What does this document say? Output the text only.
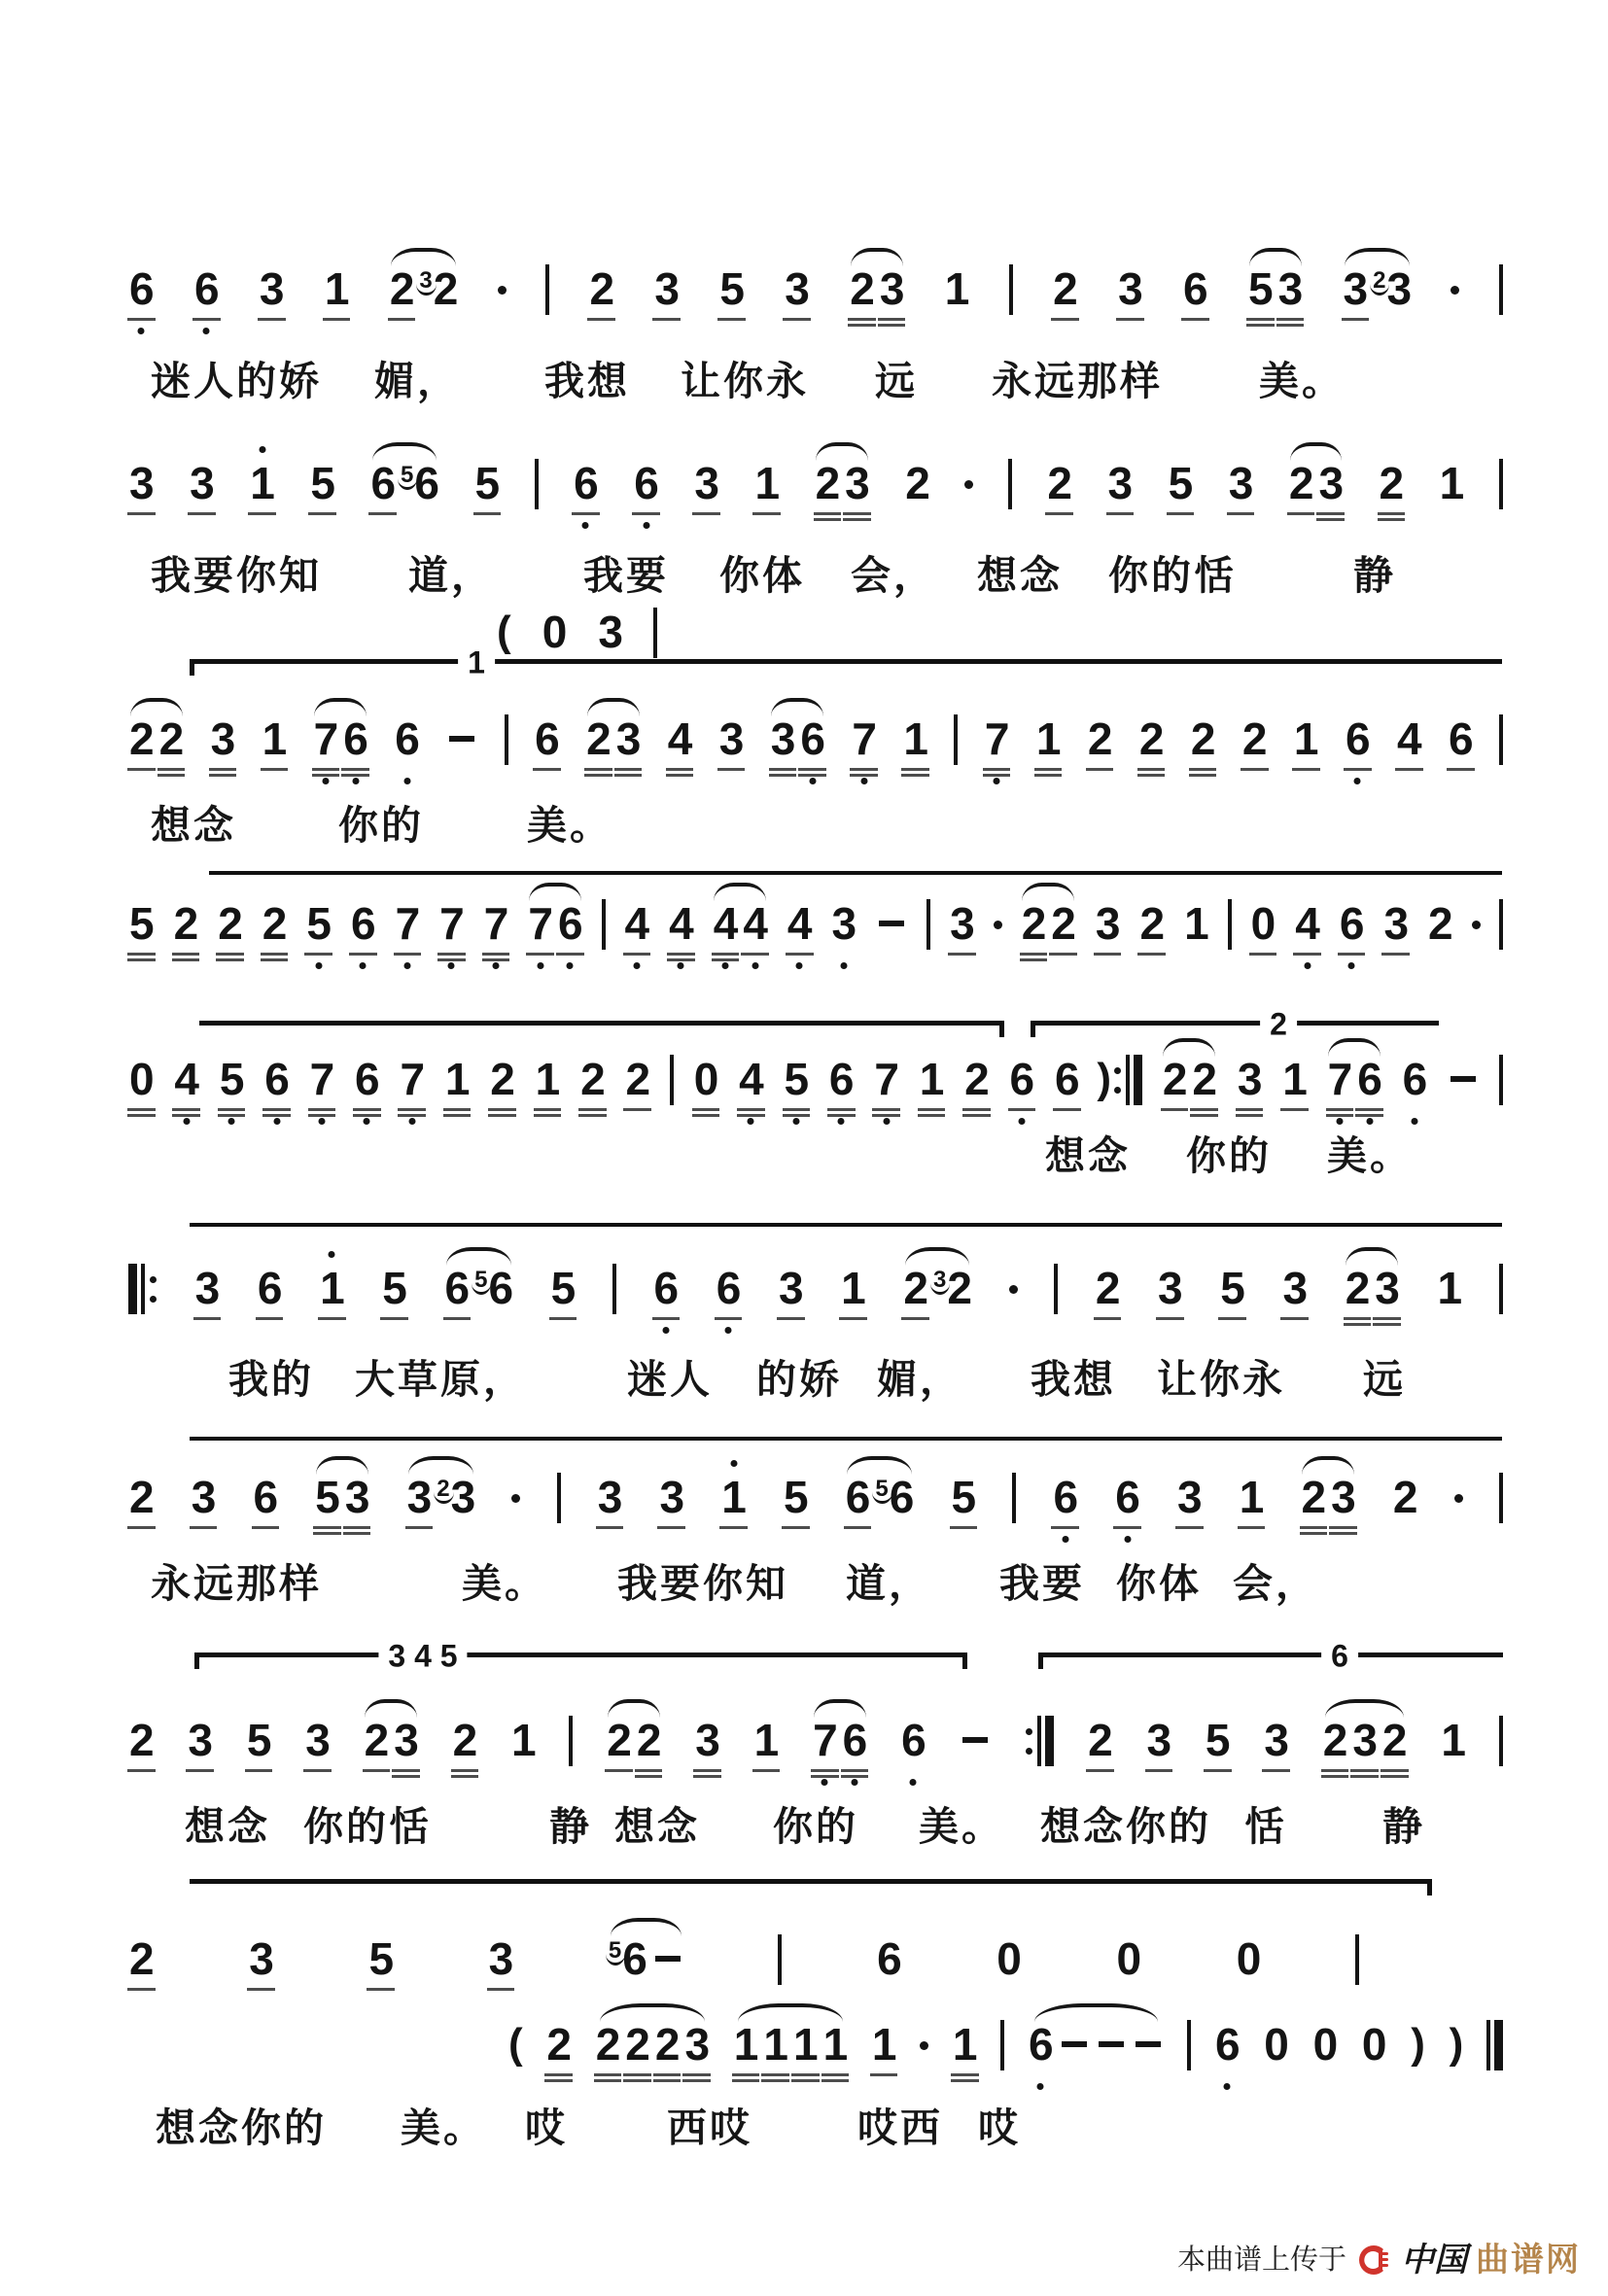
本曲谱上传于 中国 曲谱网
6 6 3 1 2 32	2 3 5 3 2 3 1 2 3 6 5 3 3 23
迷人的娇 媚， 我想 让你永 远 永远那样 美。
3 3 1 5 6 56 5 6 6 3 1 2 3 2	2 3 5 3 2 3 2 1
我要你知 道， 我要 你体 会， 想念 你的恬	静
( 0 3
2 2 3 1 7 6 6	6 2 3 4 3 3 6 7 1 7 1 2 2 2 2 1 6 4 6
想念	你的	美。
5 2 2 2 5 6 7 7 7 7 6 4 4 4 4 4 3 3 2 2 3 2 1 0 4 6 3 2
0 4 5 6 7 6 7 1 2 1 2 2 0 4 5 6 7 1 2 6 6 ) 2 2 3 1 7 6 6
想念 你的 美。
3 6 1 5 6 56 5 6 6 3 1 2 32	2 3 5 3 2 3 1
我的 大草原，	迷人 的娇 媚， 我想 让你永 远
2 3 6 5 3 3 23	3 3 1 5 6 56 5 6 6 3 1 2 3 2
永远那样	美。 我要你知 道， 我要 你体 会，
2 3 5 3 2 3 2 1 2 2 3 1 7 6 6	2 3 5 3 2 3 2 1
想念 你的恬	静 想念 你的 美。 想念你的 恬 静
2 3 5 3	56	6 0 0 0
想念你的 美。 哎 西哎	哎西 哎
( 2 2 2 2 3 1 1 1 1 1 1 6	6 0 0 0 ) )
1
2
3 4 5	6
